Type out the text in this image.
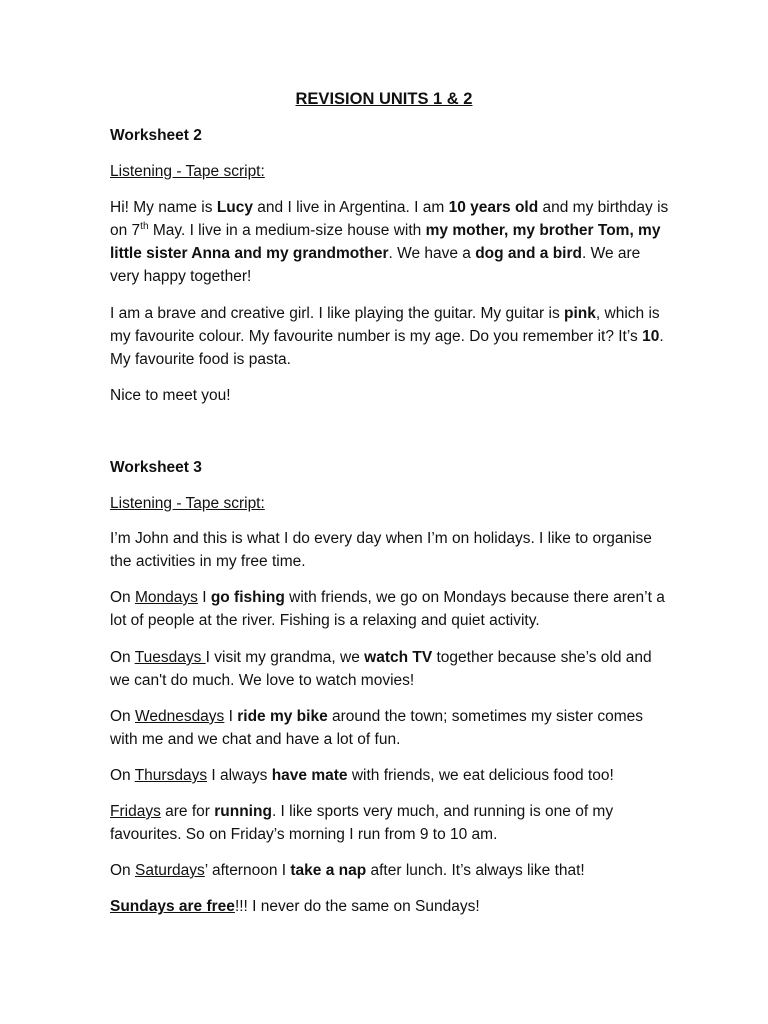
REVISION UNITS 1 & 2

Worksheet 2

Listening - Tape script:

Hi! My name is Lucy and I live in Argentina. I am 10 years old and my birthday is on 7th May. I live in a medium-size house with my mother, my brother Tom, my little sister Anna and my grandmother. We have a dog and a bird. We are very happy together!

I am a brave and creative girl. I like playing the guitar. My guitar is pink, which is my favourite colour. My favourite number is my age. Do you remember it? It’s 10. My favourite food is pasta.

Nice to meet you!

Worksheet 3

Listening - Tape script:

I’m John and this is what I do every day when I’m on holidays. I like to organise the activities in my free time.

On Mondays I go fishing with friends, we go on Mondays because there aren’t a lot of people at the river. Fishing is a relaxing and quiet activity.

On Tuesdays I visit my grandma, we watch TV together because she’s old and we can't do much. We love to watch movies!

On Wednesdays I ride my bike around the town; sometimes my sister comes with me and we chat and have a lot of fun.

On Thursdays I always have mate with friends, we eat delicious food too!

Fridays are for running. I like sports very much, and running is one of my favourites. So on Friday’s morning I run from 9 to 10 am.

On Saturdays’ afternoon I take a nap after lunch. It’s always like that!

Sundays are free!!! I never do the same on Sundays!
